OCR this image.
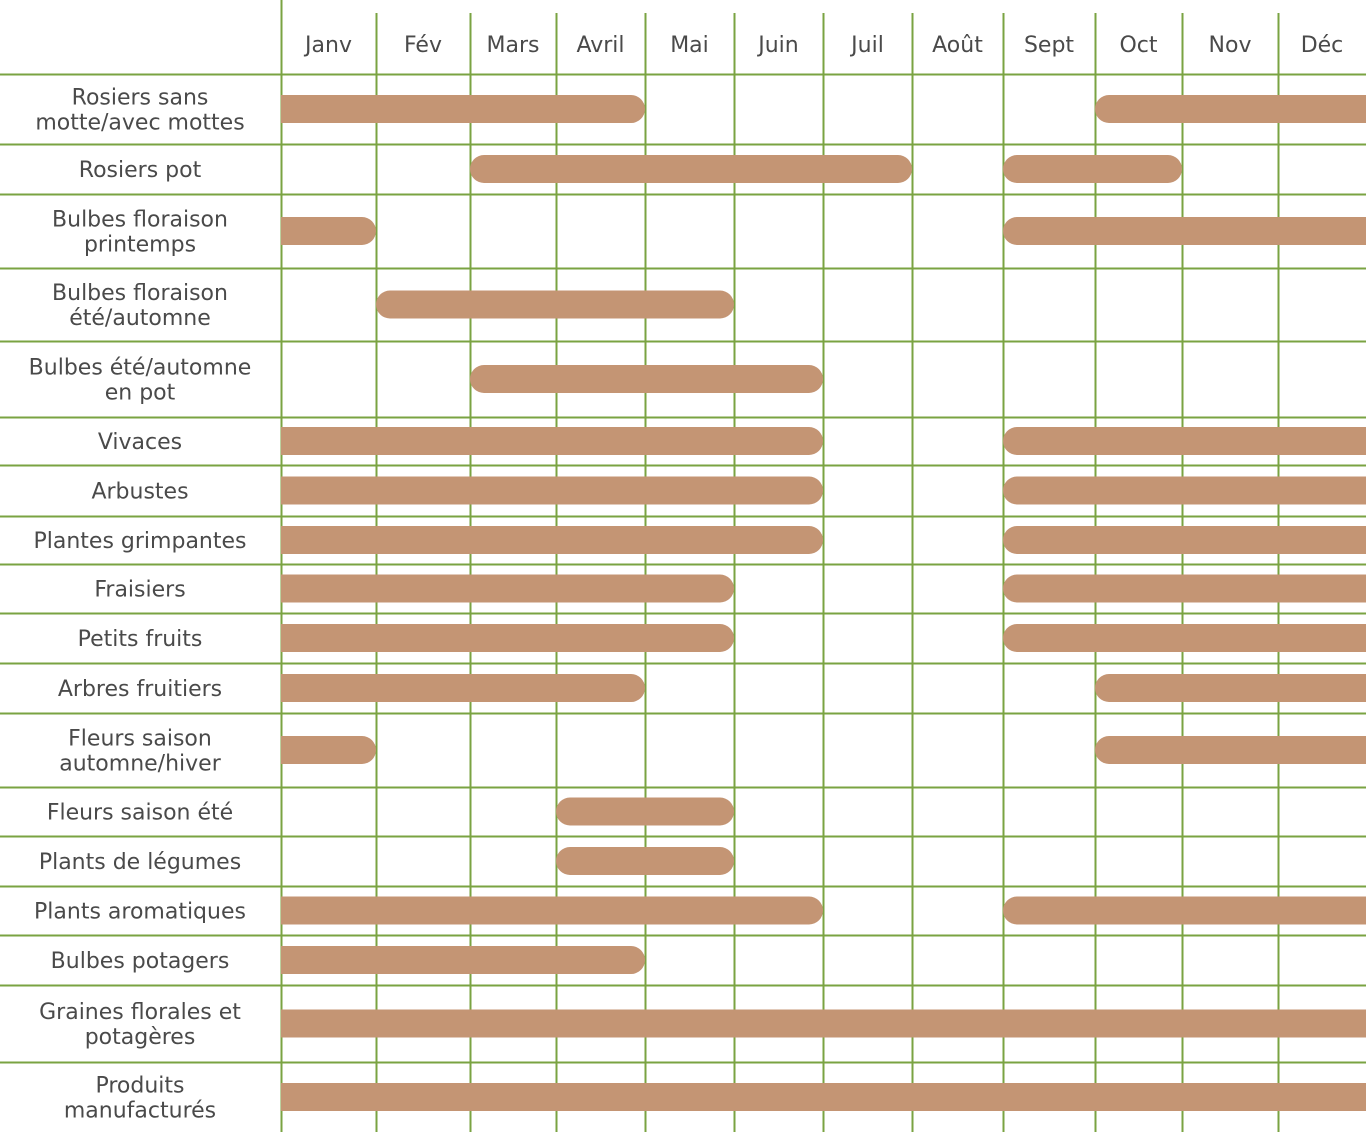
Janv Fév Mars Avril Mai Juin Juil Août Sept Oct Nov Déc
Rosiers sans motte/avec mottes
Rosiers pot
Bulbes floraison printemps
Bulbes floraison été/automne
Bulbes été/automne en pot
Vivaces
Arbustes
Plantes grimpantes
Fraisiers
Petits fruits
Arbres fruitiers
Fleurs saison automne/hiver
Fleurs saison été
Plants de légumes
Plants aromatiques
Bulbes potagers
Graines florales et potagères
Produits manufacturés
